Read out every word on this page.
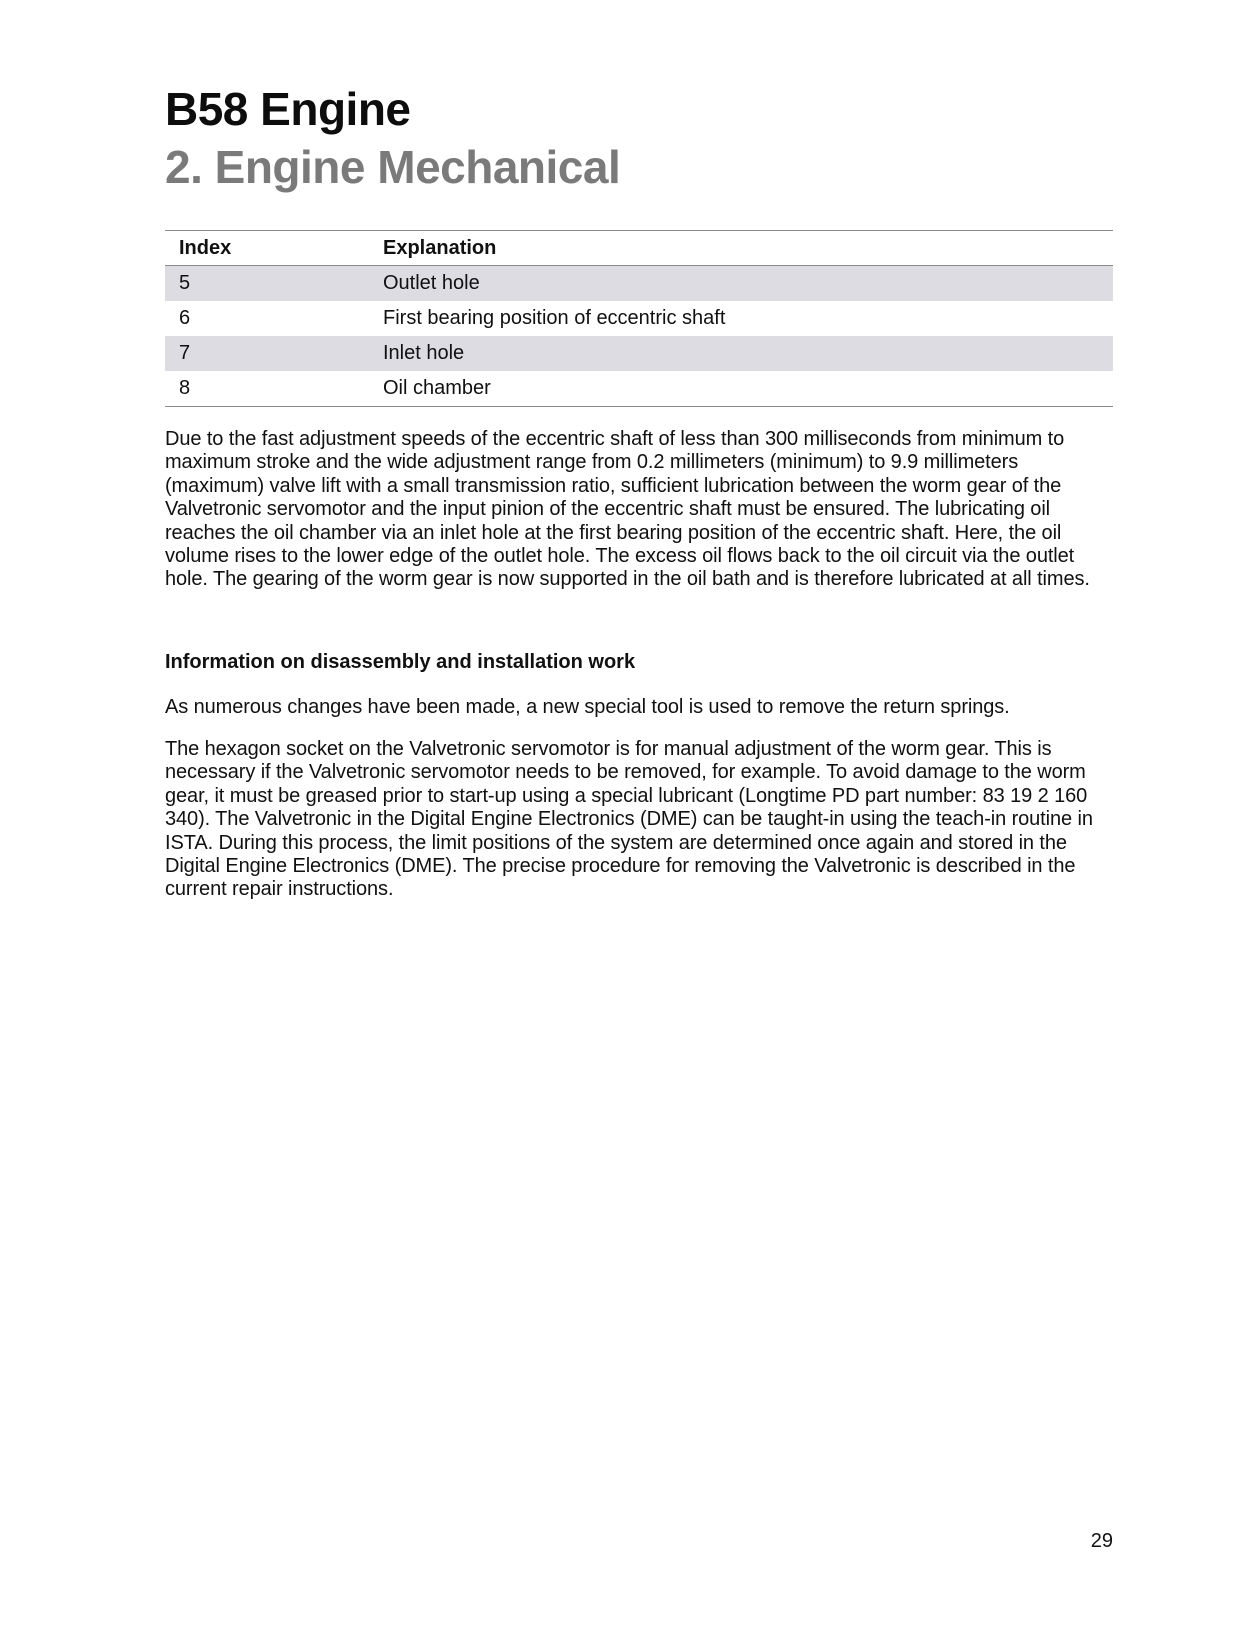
B58 Engine
2. Engine Mechanical
Index	Explanation
5	Outlet hole
6	First bearing position of eccentric shaft
7	Inlet hole
8	Oil chamber

Due to the fast adjustment speeds of the eccentric shaft of less than 300 milliseconds from minimum to maximum stroke and the wide adjustment range from 0.2 millimeters (minimum) to 9.9 millimeters (maximum) valve lift with a small transmission ratio, sufficient lubrication between the worm gear of the Valvetronic servomotor and the input pinion of the eccentric shaft must be ensured. The lubricating oil reaches the oil chamber via an inlet hole at the first bearing position of the eccentric shaft. Here, the oil volume rises to the lower edge of the outlet hole. The excess oil flows back to the oil circuit via the outlet hole. The gearing of the worm gear is now supported in the oil bath and is therefore lubricated at all times.

Information on disassembly and installation work

As numerous changes have been made, a new special tool is used to remove the return springs.

The hexagon socket on the Valvetronic servomotor is for manual adjustment of the worm gear. This is necessary if the Valvetronic servomotor needs to be removed, for example. To avoid damage to the worm gear, it must be greased prior to start-up using a special lubricant (Longtime PD part number: 83 19 2 160 340). The Valvetronic in the Digital Engine Electronics (DME) can be taught-in using the teach-in routine in ISTA. During this process, the limit positions of the system are determined once again and stored in the Digital Engine Electronics (DME). The precise procedure for removing the Valvetronic is described in the current repair instructions.

29
